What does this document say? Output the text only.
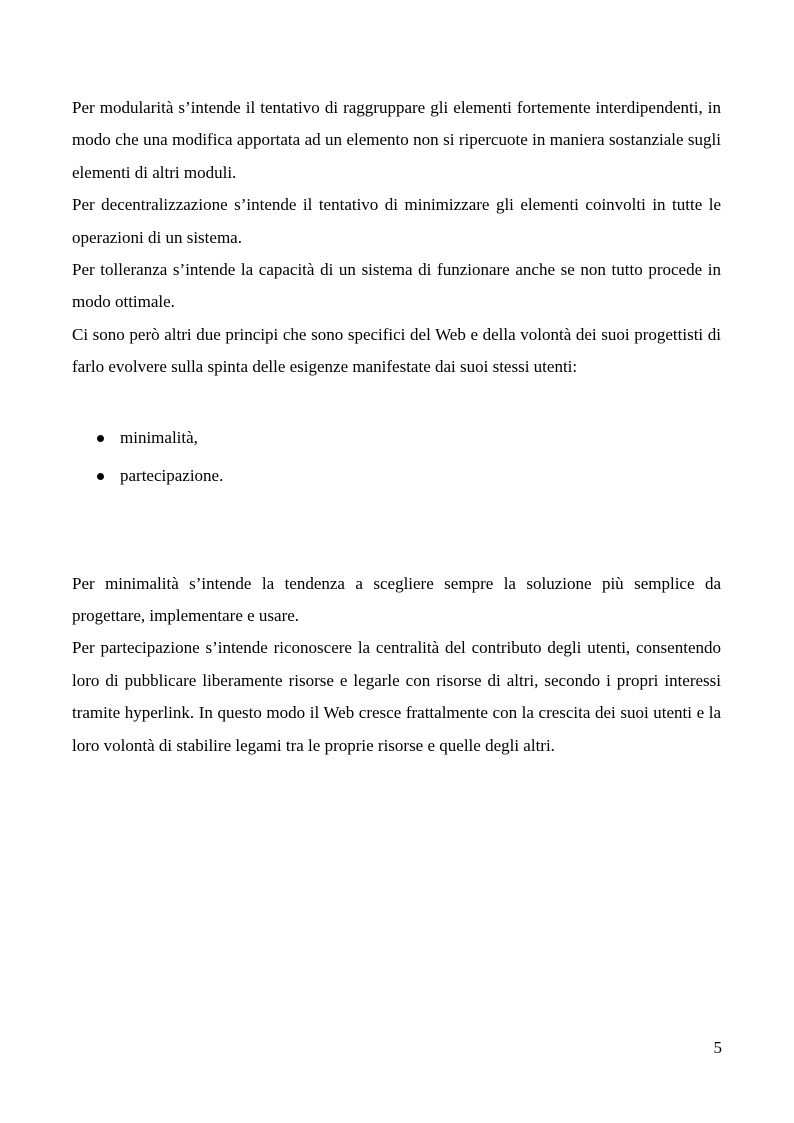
Per modularità s’intende il tentativo di raggruppare gli elementi fortemente interdipendenti, in modo che una modifica apportata ad un elemento non si ripercuote in maniera sostanziale sugli elementi di altri moduli.

Per decentralizzazione s’intende il tentativo di minimizzare gli elementi coinvolti in tutte le operazioni di un sistema.

Per tolleranza s’intende la capacità di un sistema di funzionare anche se non tutto procede in modo ottimale.

Ci sono però altri due principi che sono specifici del Web e della volontà dei suoi progettisti di farlo evolvere sulla spinta delle esigenze manifestate dai suoi stessi utenti:

minimalità,
partecipazione.

Per minimalità s’intende la tendenza a scegliere sempre la soluzione più semplice da progettare, implementare e usare.

Per partecipazione s’intende riconoscere la centralità del contributo degli utenti, consentendo loro di pubblicare liberamente risorse e legarle con risorse di altri, secondo i propri interessi tramite hyperlink. In questo modo il Web cresce frattalmente con la crescita dei suoi utenti e la loro volontà di stabilire legami tra le proprie risorse e quelle degli altri.

5
